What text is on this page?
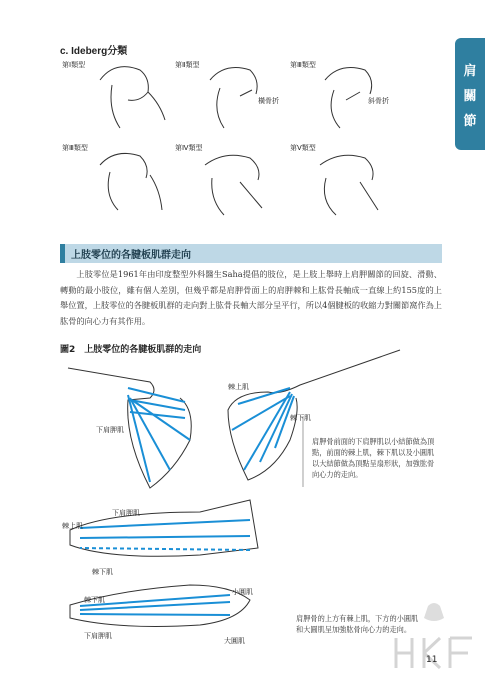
c. Ideberg分類
肩
關
節
第Ⅰ類型	第Ⅱ類型	第Ⅲ類型
橫骨折	斜骨折
第Ⅲ類型	第Ⅳ類型	第Ⅴ類型
上肢零位的各腱板肌群走向

上肢零位是1961年由印度整型外科醫生Saha提倡的肢位，是上肢上舉時上肩胛關節的回旋、滑動、轉動的最小肢位，雖有個人差別，但幾乎都是肩胛骨面上的肩胛棘和上肱骨長軸成一直線上約155度的上舉位置，上肢零位的各腱板肌群的走向對上肱骨長軸大部分呈平行，所以4個腱板的收縮力對關節窩作為上肱骨的向心力有其作用。

圖2　上肢零位的各腱板肌群的走向
下肩胛肌
棘上肌
棘下肌
下肩胛肌
棘上肌
棘下肌
小圓肌
棘下肌
下肩胛肌
大圓肌
肩胛骨前面的下肩胛肌以小結節做為頂點，前面的棘上肌，棘下肌以及小圓肌以大結節做為頂點呈扇形狀，加強肱骨向心力的走向。
肩胛骨的上方有棘上肌，下方的小圓肌和大圓肌呈加強肱骨向心力的走向。
11
